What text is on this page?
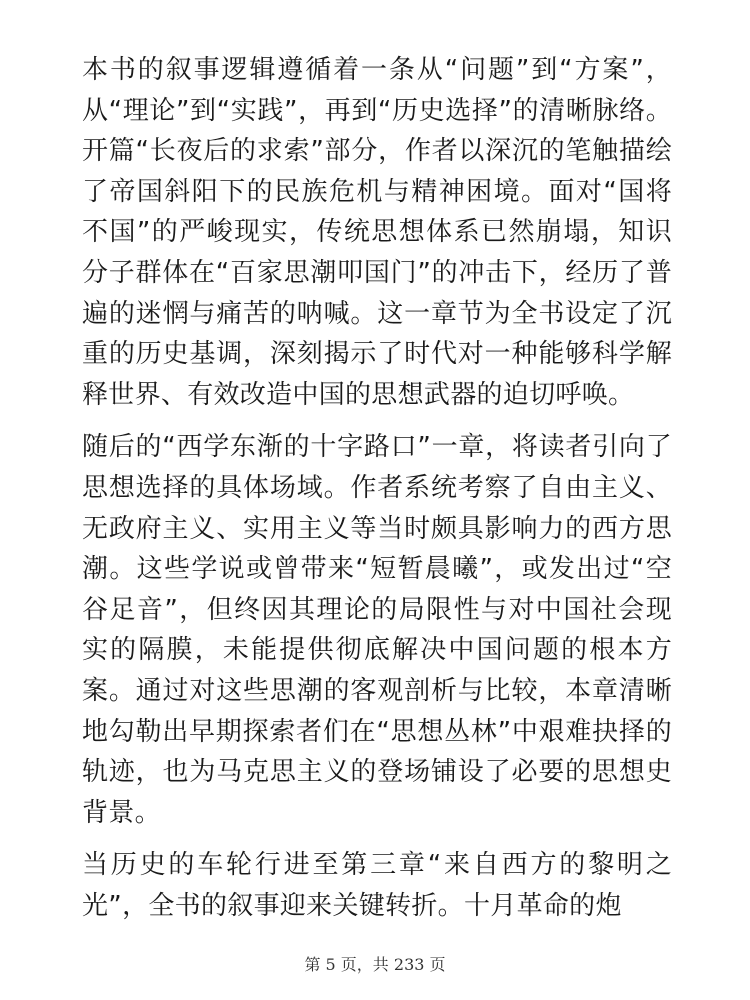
本书的叙事逻辑遵循着一条从“问题”到“方案”，从“理论”到“实践”，再到“历史选择”的清晰脉络。开篇“长夜后的求索”部分，作者以深沉的笔触描绘了帝国斜阳下的民族危机与精神困境。面对“国将不国”的严峻现实，传统思想体系已然崩塌，知识分子群体在“百家思潮叩国门”的冲击下，经历了普遍的迷惘与痛苦的呐喊。这一章节为全书设定了沉重的历史基调，深刻揭示了时代对一种能够科学解释世界、有效改造中国的思想武器的迫切呼唤。

随后的“西学东渐的十字路口”一章，将读者引向了思想选择的具体场域。作者系统考察了自由主义、无政府主义、实用主义等当时颇具影响力的西方思潮。这些学说或曾带来“短暂晨曦”，或发出过“空谷足音”，但终因其理论的局限性与对中国社会现实的隔膜，未能提供彻底解决中国问题的根本方案。通过对这些思潮的客观剖析与比较，本章清晰地勾勒出早期探索者们在“思想丛林”中艰难抉择的轨迹，也为马克思主义的登场铺设了必要的思想史背景。

当历史的车轮行进至第三章“来自西方的黎明之光”，全书的叙事迎来关键转折。十月革命的炮

第 5 页，共 233 页
